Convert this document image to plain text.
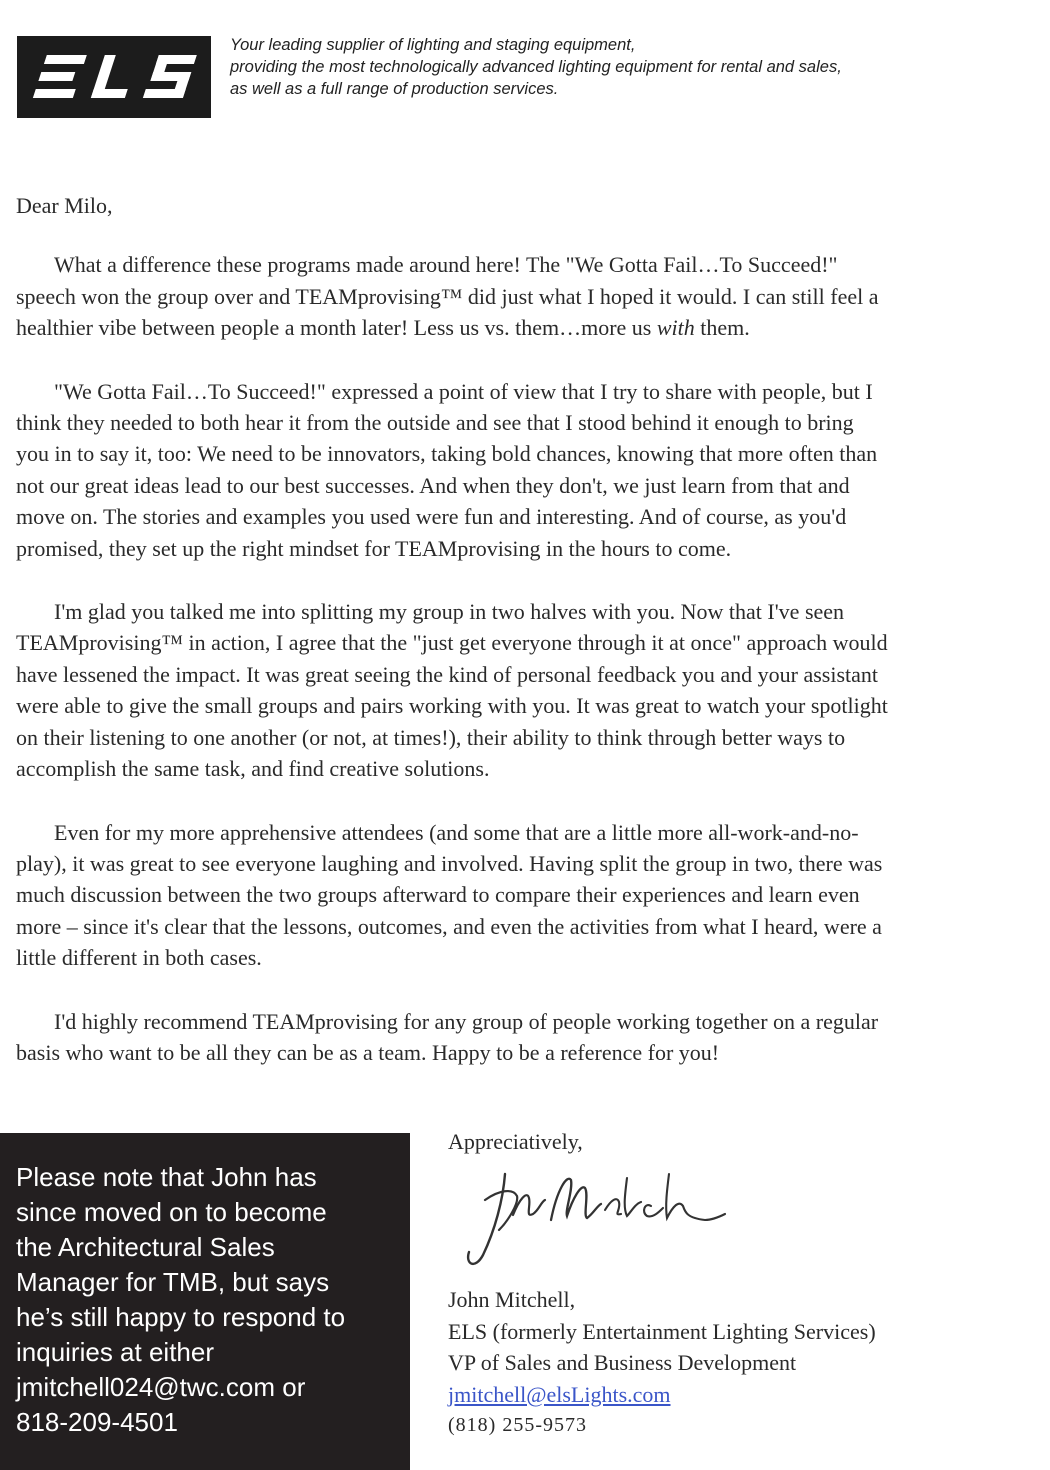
Your leading supplier of lighting and staging equipment,
providing the most technologically advanced lighting equipment for rental and sales,
as well as a full range of production services.
Dear Milo,
What a difference these programs made around here! The "We Gotta Fail…To Succeed!"
speech won the group over and TEAMprovising™ did just what I hoped it would. I can still feel a
healthier vibe between people a month later! Less us vs. them…more us with them.
"We Gotta Fail…To Succeed!" expressed a point of view that I try to share with people, but I
think they needed to both hear it from the outside and see that I stood behind it enough to bring
you in to say it, too: We need to be innovators, taking bold chances, knowing that more often than
not our great ideas lead to our best successes. And when they don't, we just learn from that and
move on. The stories and examples you used were fun and interesting. And of course, as you'd
promised, they set up the right mindset for TEAMprovising in the hours to come.
I'm glad you talked me into splitting my group in two halves with you. Now that I've seen
TEAMprovising™ in action, I agree that the "just get everyone through it at once" approach would
have lessened the impact. It was great seeing the kind of personal feedback you and your assistant
were able to give the small groups and pairs working with you. It was great to watch your spotlight
on their listening to one another (or not, at times!), their ability to think through better ways to
accomplish the same task, and find creative solutions.
Even for my more apprehensive attendees (and some that are a little more all-work-and-no-
play), it was great to see everyone laughing and involved. Having split the group in two, there was
much discussion between the two groups afterward to compare their experiences and learn even
more – since it's clear that the lessons, outcomes, and even the activities from what I heard, were a
little different in both cases.
I'd highly recommend TEAMprovising for any group of people working together on a regular
basis who want to be all they can be as a team. Happy to be a reference for you!
Please note that John has
since moved on to become
the Architectural Sales
Manager for TMB, but says
he’s still happy to respond to
inquiries at either
jmitchell024@twc.com or
818-209-4501
Appreciatively,
John Mitchell,
ELS (formerly Entertainment Lighting Services)
VP of Sales and Business Development
jmitchell@elsLights.com
(818) 255-9573
